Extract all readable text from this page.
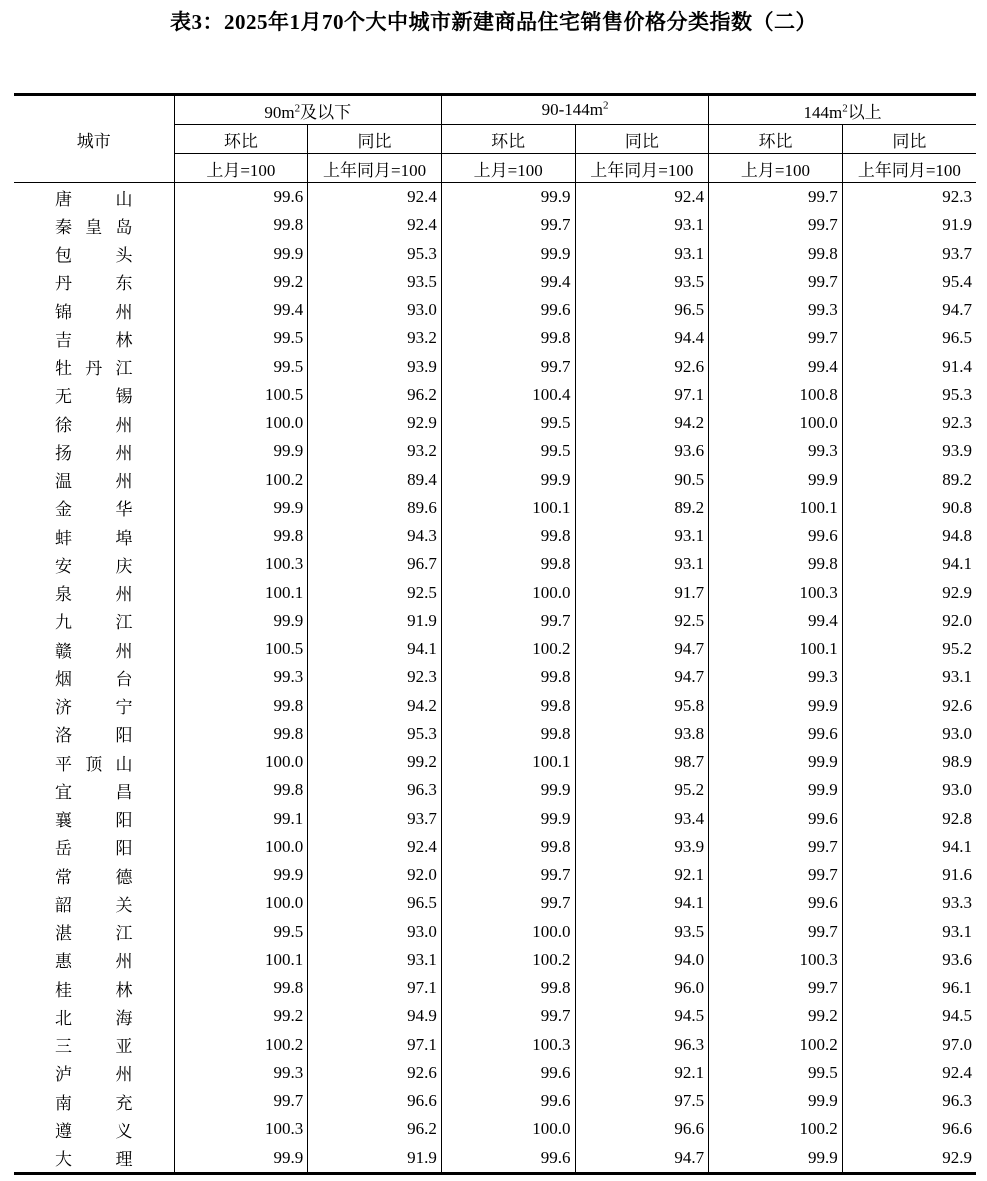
表3：2025年1月70个大中城市新建商品住宅销售价格分类指数（二）
城市	$90m^2$及以下		$90-144m^2$		$144m^2$以上	
	环比	同比	环比	同比	环比	同比
	上月=100	上年同月=100	上月=100	上年同月=100	上月=100	上年同月=100
唐山	99.6	92.4	99.9	92.4	99.7	92.3
秦皇岛	99.8	92.4	99.7	93.1	99.7	91.9
包头	99.9	95.3	99.9	93.1	99.8	93.7
丹东	99.2	93.5	99.4	93.5	99.7	95.4
锦州	99.4	93.0	99.6	96.5	99.3	94.7
吉林	99.5	93.2	99.8	94.4	99.7	96.5
牡丹江	99.5	93.9	99.7	92.6	99.4	91.4
无锡	100.5	96.2	100.4	97.1	100.8	95.3
徐州	100.0	92.9	99.5	94.2	100.0	92.3
扬州	99.9	93.2	99.5	93.6	99.3	93.9
温州	100.2	89.4	99.9	90.5	99.9	89.2
金华	99.9	89.6	100.1	89.2	100.1	90.8
蚌埠	99.8	94.3	99.8	93.1	99.6	94.8
安庆	100.3	96.7	99.8	93.1	99.8	94.1
泉州	100.1	92.5	100.0	91.7	100.3	92.9
九江	99.9	91.9	99.7	92.5	99.4	92.0
赣州	100.5	94.1	100.2	94.7	100.1	95.2
烟台	99.3	92.3	99.8	94.7	99.3	93.1
济宁	99.8	94.2	99.8	95.8	99.9	92.6
洛阳	99.8	95.3	99.8	93.8	99.6	93.0
平顶山	100.0	99.2	100.1	98.7	99.9	98.9
宜昌	99.8	96.3	99.9	95.2	99.9	93.0
襄阳	99.1	93.7	99.9	93.4	99.6	92.8
岳阳	100.0	92.4	99.8	93.9	99.7	94.1
常德	99.9	92.0	99.7	92.1	99.7	91.6
韶关	100.0	96.5	99.7	94.1	99.6	93.3
湛江	99.5	93.0	100.0	93.5	99.7	93.1
惠州	100.1	93.1	100.2	94.0	100.3	93.6
桂林	99.8	97.1	99.8	96.0	99.7	96.1
北海	99.2	94.9	99.7	94.5	99.2	94.5
三亚	100.2	97.1	100.3	96.3	100.2	97.0
泸州	99.3	92.6	99.6	92.1	99.5	92.4
南充	99.7	96.6	99.6	97.5	99.9	96.3
遵义	100.3	96.2	100.0	96.6	100.2	96.6
大理	99.9	91.9	99.6	94.7	99.9	92.9
